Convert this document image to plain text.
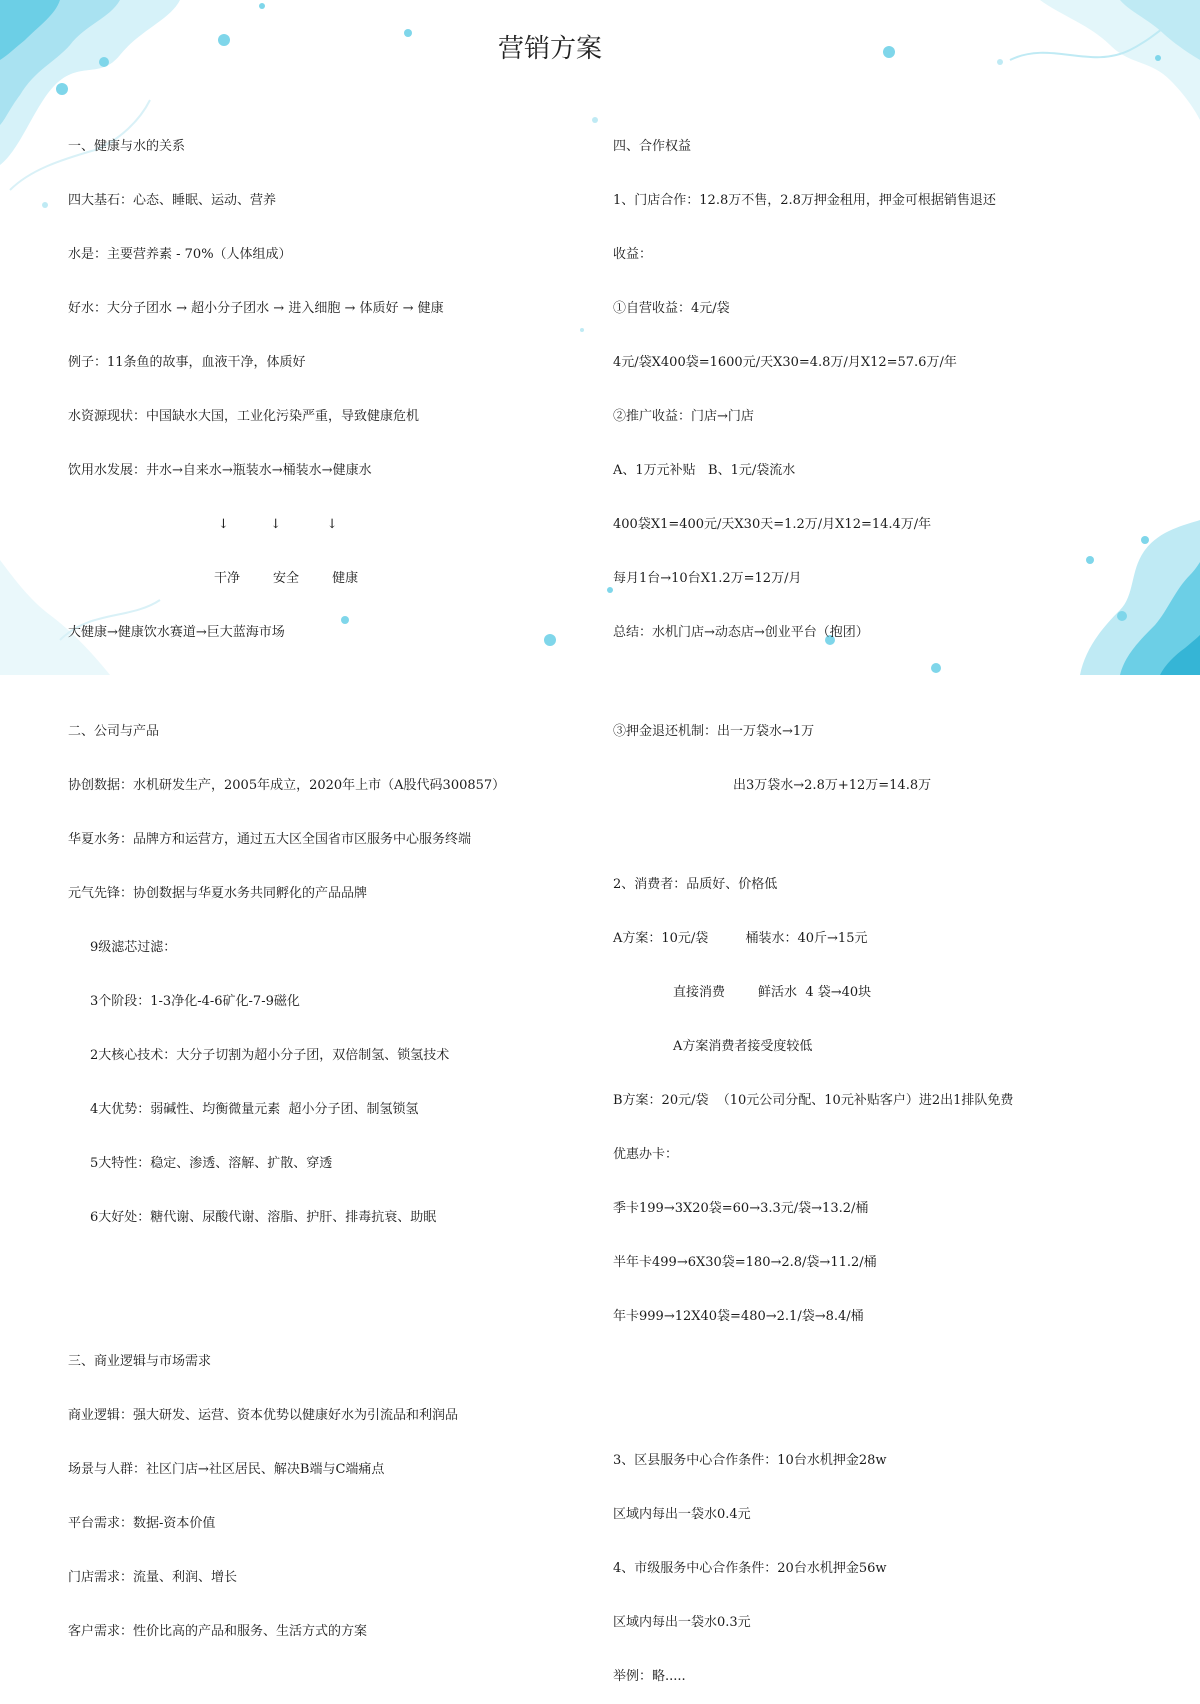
营销方案

一、健康与水的关系

四大基石：心态、睡眠、运动、营养

水是：主要营养素 - 70%（人体组成）

好水：大分子团水 → 超小分子团水 → 进入细胞 → 体质好 → 健康

例子：11条鱼的故事，血液干净，体质好

水资源现状：中国缺水大国，工业化污染严重，导致健康危机

饮用水发展：井水→自来水→瓶装水→桶装水→健康水

↓          ↓           ↓

干净        安全        健康

大健康→健康饮水赛道→巨大蓝海市场

二、公司与产品

协创数据：水机研发生产，2005年成立，2020年上市（A股代码300857）

华夏水务：品牌方和运营方，通过五大区全国省市区服务中心服务终端

元气先锋：协创数据与华夏水务共同孵化的产品品牌

9级滤芯过滤：

3个阶段：1-3净化-4-6矿化-7-9磁化

2大核心技术：大分子切割为超小分子团，双倍制氢、锁氢技术

4大优势：弱碱性、均衡微量元素  超小分子团、制氢锁氢

5大特性：稳定、渗透、溶解、扩散、穿透

6大好处：糖代谢、尿酸代谢、溶脂、护肝、排毒抗衰、助眠

三、商业逻辑与市场需求

商业逻辑：强大研发、运营、资本优势以健康好水为引流品和利润品

场景与人群：社区门店→社区居民、解决B端与C端痛点

平台需求：数据-资本价值

门店需求：流量、利润、增长

客户需求：性价比高的产品和服务、生活方式的方案

四、合作权益

1、门店合作：12.8万不售，2.8万押金租用，押金可根据销售退还

收益：

①自营收益：4元/袋

4元/袋X400袋=1600元/天X30=4.8万/月X12=57.6万/年

②推广收益：门店→门店

A、1万元补贴   B、1元/袋流水

400袋X1=400元/天X30天=1.2万/月X12=14.4万/年

每月1台→10台X1.2万=12万/月

总结：水机门店→动态店→创业平台（抱团）

③押金退还机制：出一万袋水→1万

出3万袋水→2.8万+12万=14.8万

2、消费者：品质好、价格低

A方案：10元/袋         桶装水：40斤→15元

直接消费        鲜活水  4 袋→40块

A方案消费者接受度较低

B方案：20元/袋  （10元公司分配、10元补贴客户）进2出1排队免费

优惠办卡：

季卡199→3X20袋=60→3.3元/袋→13.2/桶

半年卡499→6X30袋=180→2.8/袋→11.2/桶

年卡999→12X40袋=480→2.1/袋→8.4/桶

3、区县服务中心合作条件：10台水机押金28w

区域内每出一袋水0.4元

4、市级服务中心合作条件：20台水机押金56w

区域内每出一袋水0.3元

举例：略.....
